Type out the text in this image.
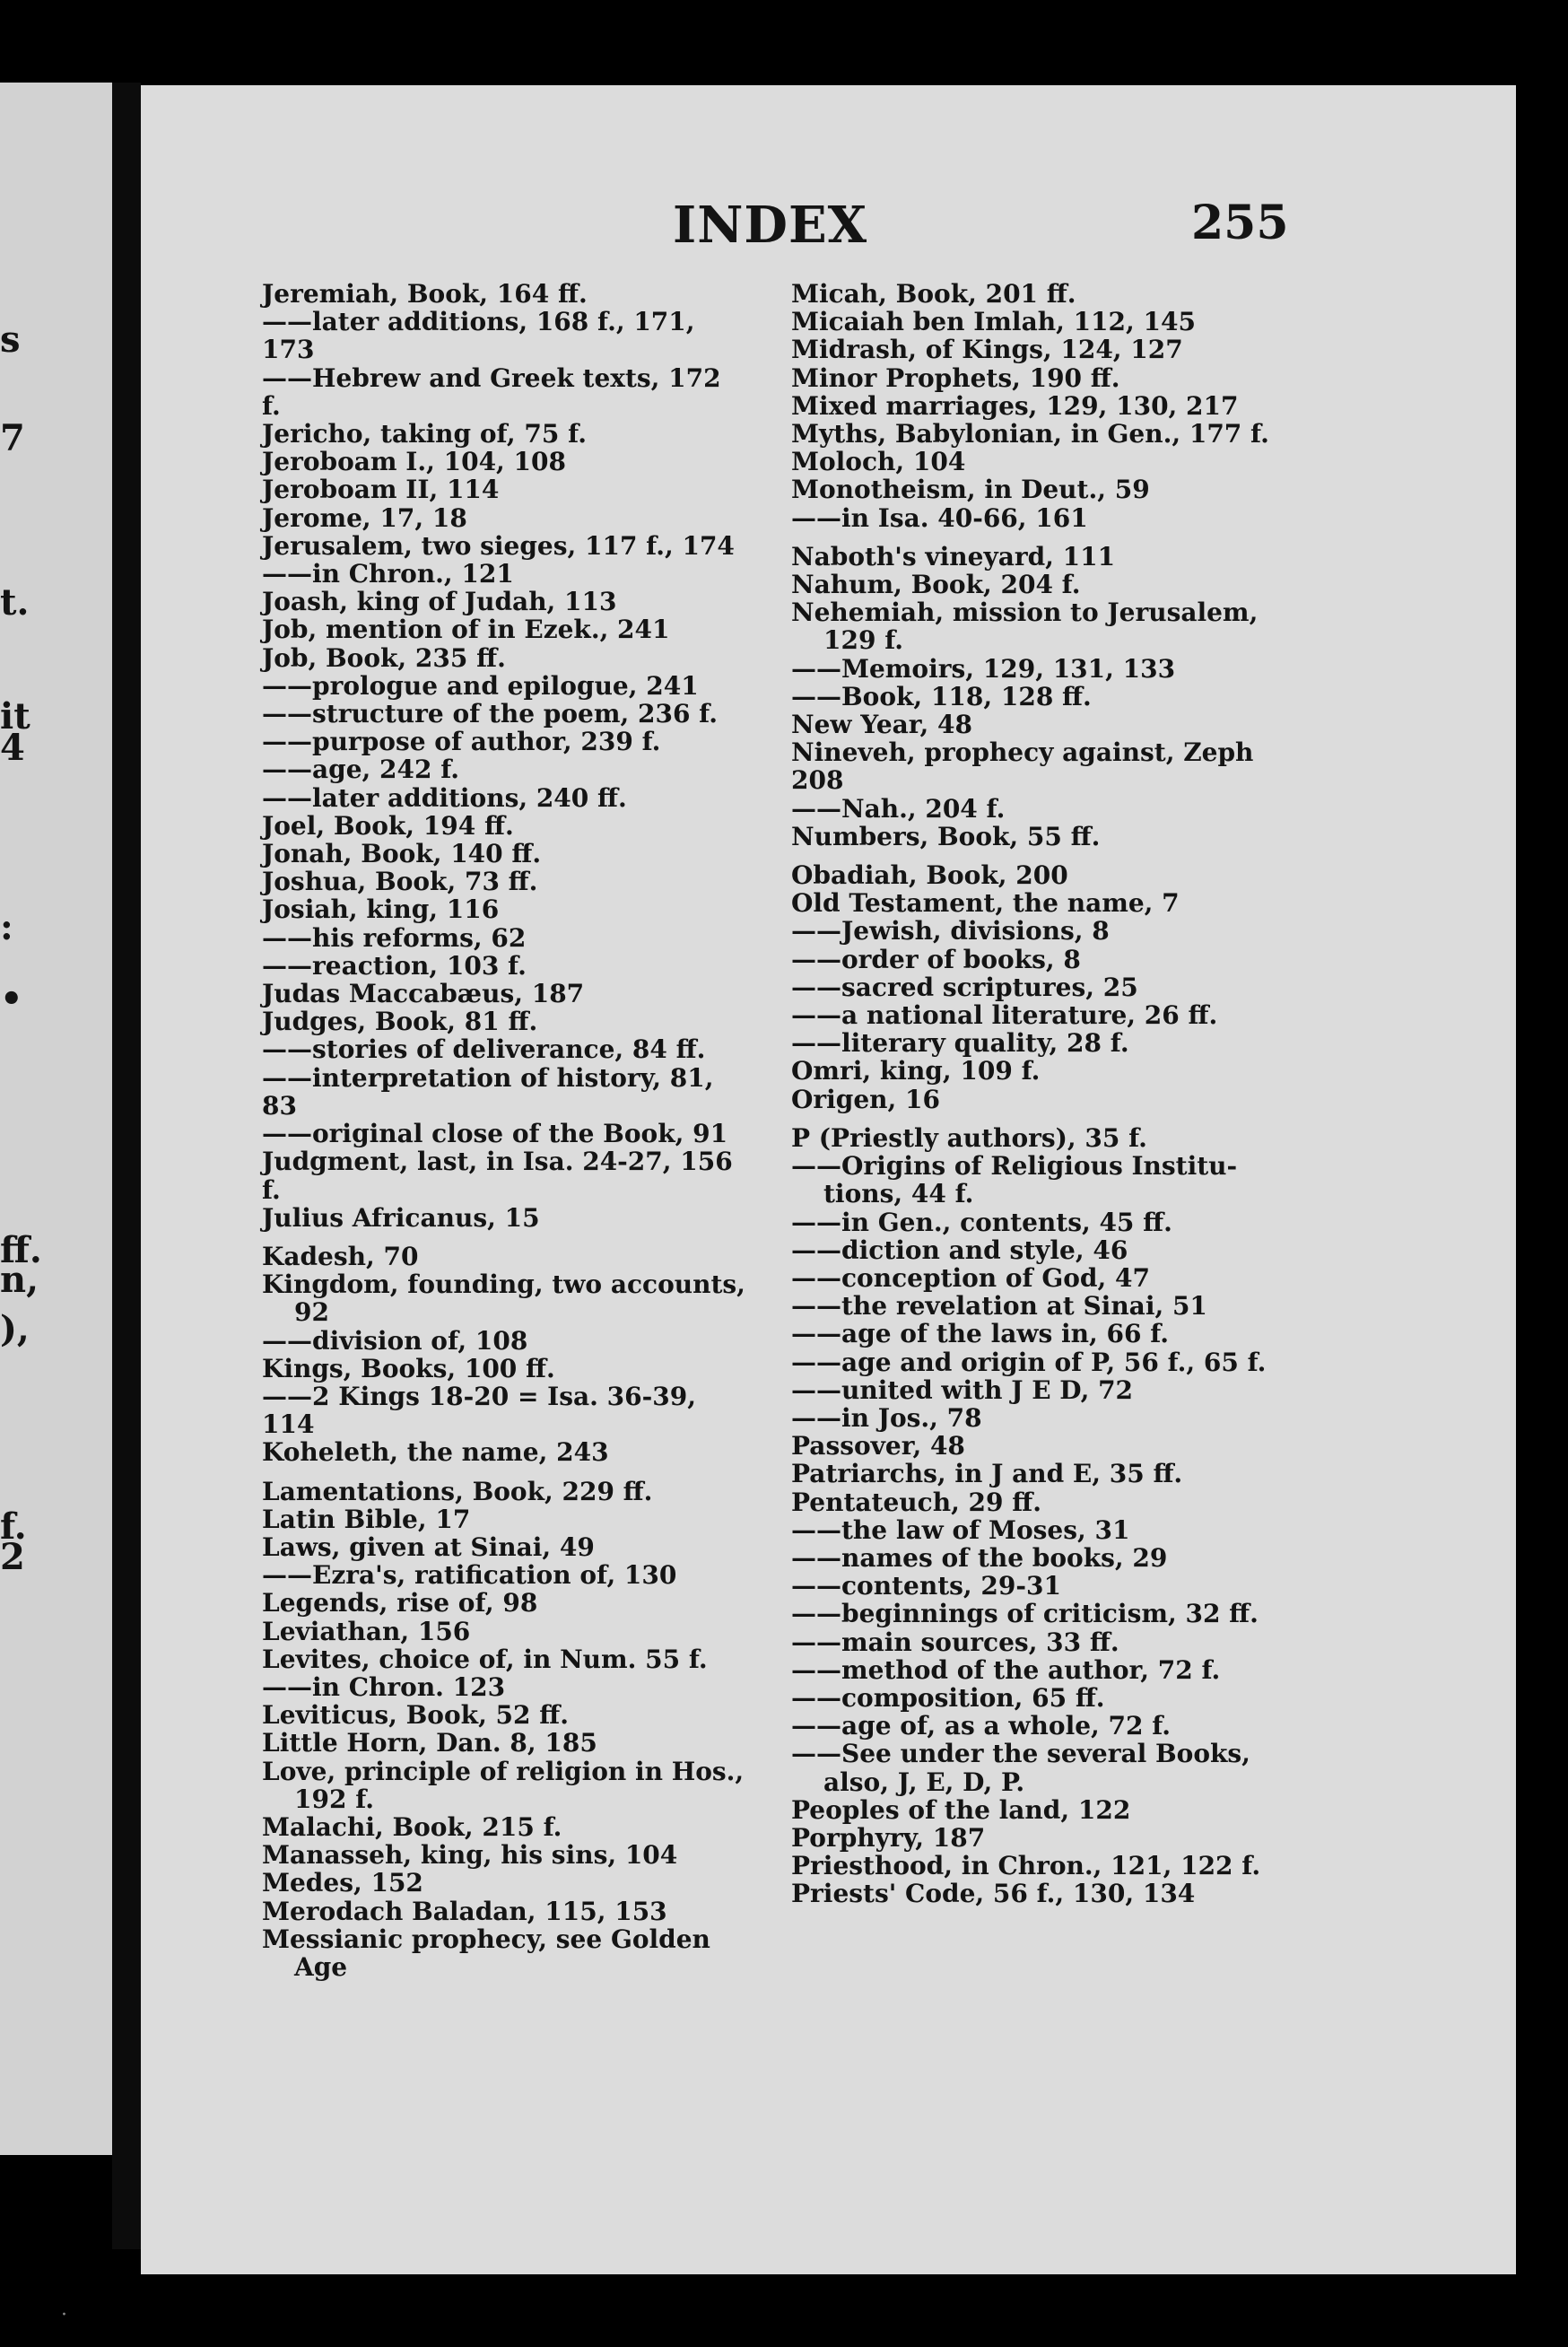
s
7
t.
it
4
:
•
ff.
n,
),
f.
2
INDEX	255
Jeremiah, Book, 164 ff.
——later additions, 168 f., 171, 173
——Hebrew and Greek texts, 172
f.
Jericho, taking of, 75 f.
Jeroboam I., 104, 108
Jeroboam II, 114
Jerome, 17, 18
Jerusalem, two sieges, 117 f., 174
——in Chron., 121
Joash, king of Judah, 113
Job, mention of in Ezek., 241
Job, Book, 235 ff.
——prologue and epilogue, 241
——structure of the poem, 236 f.
——purpose of author, 239 f.
——age, 242 f.
——later additions, 240 ff.
Joel, Book, 194 ff.
Jonah, Book, 140 ff.
Joshua, Book, 73 ff.
Josiah, king, 116
——his reforms, 62
——reaction, 103 f.
Judas Maccabæus, 187
Judges, Book, 81 ff.
——stories of deliverance, 84 ff.
——interpretation of history, 81,
83
——original close of the Book, 91
Judgment, last, in Isa. 24-27, 156 f.
Julius Africanus, 15
Kadesh, 70
Kingdom, founding, two accounts,
92
——division of, 108
Kings, Books, 100 ff.
——2 Kings 18-20 = Isa. 36-39,
114
Koheleth, the name, 243
Lamentations, Book, 229 ff.
Latin Bible, 17
Laws, given at Sinai, 49
——Ezra's, ratification of, 130
Legends, rise of, 98
Leviathan, 156
Levites, choice of, in Num. 55 f.
——in Chron. 123
Leviticus, Book, 52 ff.
Little Horn, Dan. 8, 185
Love, principle of religion in Hos.,
192 f.
Malachi, Book, 215 f.
Manasseh, king, his sins, 104
Medes, 152
Merodach Baladan, 115, 153
Messianic prophecy, see Golden
Age
Micah, Book, 201 ff.
Micaiah ben Imlah, 112, 145
Midrash, of Kings, 124, 127
Minor Prophets, 190 ff.
Mixed marriages, 129, 130, 217
Myths, Babylonian, in Gen., 177 f.
Moloch, 104
Monotheism, in Deut., 59
——in Isa. 40-66, 161
Naboth's vineyard, 111
Nahum, Book, 204 f.
Nehemiah, mission to Jerusalem,
129 f.
——Memoirs, 129, 131, 133
——Book, 118, 128 ff.
New Year, 48
Nineveh, prophecy against, Zeph
208
——Nah., 204 f.
Numbers, Book, 55 ff.
Obadiah, Book, 200
Old Testament, the name, 7
——Jewish, divisions, 8
——order of books, 8
——sacred scriptures, 25
——a national literature, 26 ff.
——literary quality, 28 f.
Omri, king, 109 f.
Origen, 16
P (Priestly authors), 35 f.
——Origins of Religious Institu-
tions, 44 f.
——in Gen., contents, 45 ff.
——diction and style, 46
——conception of God, 47
——the revelation at Sinai, 51
——age of the laws in, 66 f.
——age and origin of P, 56 f., 65 f.
——united with J E D, 72
——in Jos., 78
Passover, 48
Patriarchs, in J and E, 35 ff.
Pentateuch, 29 ff.
——the law of Moses, 31
——names of the books, 29
——contents, 29-31
——beginnings of criticism, 32 ff.
——main sources, 33 ff.
——method of the author, 72 f.
——composition, 65 ff.
——age of, as a whole, 72 f.
——See under the several Books,
also, J, E, D, P.
Peoples of the land, 122
Porphyry, 187
Priesthood, in Chron., 121, 122 f.
Priests' Code, 56 f., 130, 134
·
